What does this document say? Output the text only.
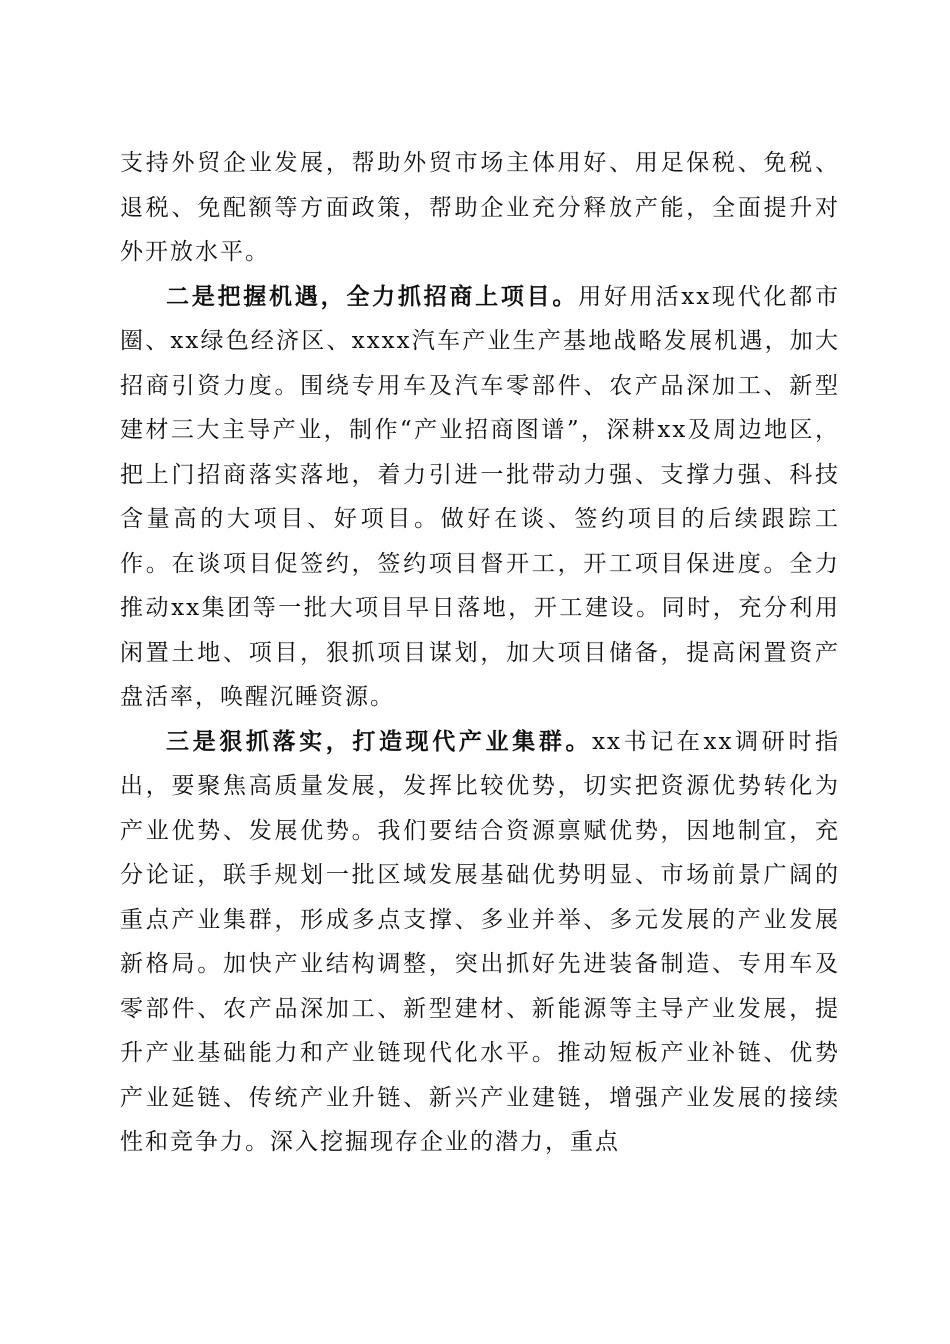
支持外贸企业发展，帮助外贸市场主体用好、用足保税、免税、退税、免配额等方面政策，帮助企业充分释放产能，全面提升对外开放水平。

二是把握机遇，全力抓招商上项目。用好用活xx现代化都市圈、xx绿色经济区、xxxx汽车产业生产基地战略发展机遇，加大招商引资力度。围绕专用车及汽车零部件、农产品深加工、新型建材三大主导产业，制作“产业招商图谱”，深耕xx及周边地区，把上门招商落实落地，着力引进一批带动力强、支撑力强、科技含量高的大项目、好项目。做好在谈、签约项目的后续跟踪工作。在谈项目促签约，签约项目督开工，开工项目保进度。全力推动xx集团等一批大项目早日落地，开工建设。同时，充分利用闲置土地、项目，狠抓项目谋划，加大项目储备，提高闲置资产盘活率，唤醒沉睡资源。

三是狠抓落实，打造现代产业集群。xx书记在xx调研时指出，要聚焦高质量发展，发挥比较优势，切实把资源优势转化为产业优势、发展优势。我们要结合资源禀赋优势，因地制宜，充分论证，联手规划一批区域发展基础优势明显、市场前景广阔的重点产业集群，形成多点支撑、多业并举、多元发展的产业发展新格局。加快产业结构调整，突出抓好先进装备制造、专用车及零部件、农产品深加工、新型建材、新能源等主导产业发展，提升产业基础能力和产业链现代化水平。推动短板产业补链、优势产业延链、传统产业升链、新兴产业建链，增强产业发展的接续性和竞争力。深入挖掘现存企业的潜力，重点
